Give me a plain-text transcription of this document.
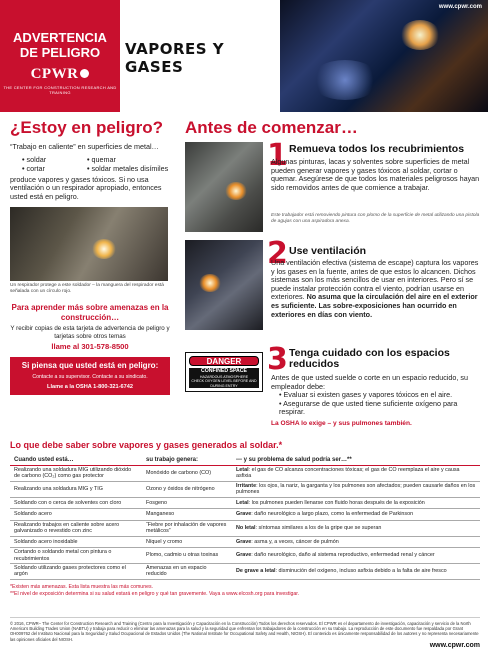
ADVERTENCIA
DE PELIGRO
CPWR
THE CENTER FOR CONSTRUCTION RESEARCH AND TRAINING
VAPORES Y GASES
www.cpwr.com
¿Estoy en peligro?
“Trabajo en caliente” en superficies de metal…
• soldar	• quemar
• cortar	• soldar metales disímiles
produce vapores y gases tóxicos. Si no usa ventilación o un respirador apropiado, entonces usted está en peligro.
Un respirador protege a este soldador – la manguera del respirador está señalada con un círculo rojo.
Para aprender más sobre amenazas en la construcción…
Y recibir copias de esta tarjeta de advertencia de peligro y tarjetas sobre otros temas
llame al 301-578-8500
Si piensa que usted está en peligro:
Contacte a su supervisor. Contacte a su sindicato.
Llame a la OSHA 1-800-321-6742
Antes de comenzar…
1 Remueva todos los recubrimientos
Algunas pinturas, lacas y solventes sobre superficies de metal pueden generar vapores y gases tóxicos al soldar, cortar o quemar. Asegúrese de que todos los materiales peligrosos hayan sido removidos antes de que comience a trabajar.
Este trabajador está removiendo pintura con plomo de la superficie de metal utilizando una pistola de agujas con una aspiradora anexa.
2 Use ventilación
Una ventilación efectiva (sistema de escape) captura los vapores y los gases en la fuente, antes de que estos lo alcancen. Dichos sistemas son los más sencillos de usar en interiores. Pero sí se puede instalar protección contra el viento, podrían usarse en exteriores. No asuma que la circulación del aire en el exterior es suficiente. Las sobre-exposiciones han ocurrido en exteriores en días con viento.
DANGER
CONFINED SPACE
HAZARDOUS ATMOSPHERE
CHECK OXYGEN LEVEL BEFORE AND DURING ENTRY
3 Tenga cuidado con los espacios reducidos
Antes de que usted suelde o corte en un espacio reducido, su empleador debe:
• Evaluar si existen gases y vapores tóxicos en el aire.
• Asegurarse de que usted tiene suficiente oxígeno para respirar.
La OSHA lo exige – y sus pulmones también.
Lo que debe saber sobre vapores y gases generados al soldar.*
Cuando usted está…	su trabajo genera:	--- y su problema de salud podría ser…**
Realizando una soldadura MIG utilizando dióxido de carbono (CO₂) como gas protector	Monóxido de carbono (CO)	Letal: el gas de CO alcanza concentraciones tóxicas; el gas de CO reemplaza el aire y causa asfixia
Realizando una soldadura MIG y TIG	Ozono y óxidos de nitrógeno	Irritante: los ojos, la nariz, la garganta y los pulmones son afectados; pueden causarle daños en los pulmones
Soldando con o cerca de solventes con cloro	Fosgeno	Letal: los pulmones pueden llenarse con fluido horas después de la exposición
Soldando acero	Manganeso	Grave: daño neurológico a largo plazo, como la enfermedad de Parkinson
Realizando trabajos en caliente sobre acero galvanizado o revestido con zinc	“Fiebre por inhalación de vapores metálicos”	No letal: síntomas similares a los de la gripe que se superan
Soldando acero inoxidable	Níquel y cromo	Grave: asma y, a veces, cáncer de pulmón
Cortando o soldando metal con pintura o recubrimientos	Plomo, cadmio u otras toxinas	Grave: daño neurológico, daño al sistema reproductivo, enfermedad renal y cáncer
Soldando utilizando gases protectores como el argón	Amenazas en un espacio reducido	De grave a letal: disminución del oxígeno, incluso asfixia debido a la falta de aire fresco
*Existen más amenazas. Esta lista muestra las más comunes.
**El nivel de exposición determina si su salud estará en peligro y qué tan gravemente. Vaya a www.elcosh.org para investigar.
© 2016, CPWR– The Center for Construction Research and Training (Centro para la Investigación y Capacitación en la Construcción) Todos los derechos reservados. El CPWR es el departamento de investigación, capacitación y servicio de la North America's Building Trades Union (NABTU) y trabaja para reducir o eliminar las amenazas para la salud y la seguridad que enfrentan los trabajadores de la construcción en su trabajo. La reproducción de este documento fue respaldada por Grant OH009762 del Instituto Nacional para la Seguridad y Salud Ocupacional de Estados Unidos (The National Institute for Occupational Safety and Health, NIOSH). El contenido es únicamente responsabilidad de los autores y no representa necesariamente las opiniones oficiales del NIOSH.
www.cpwr.com
